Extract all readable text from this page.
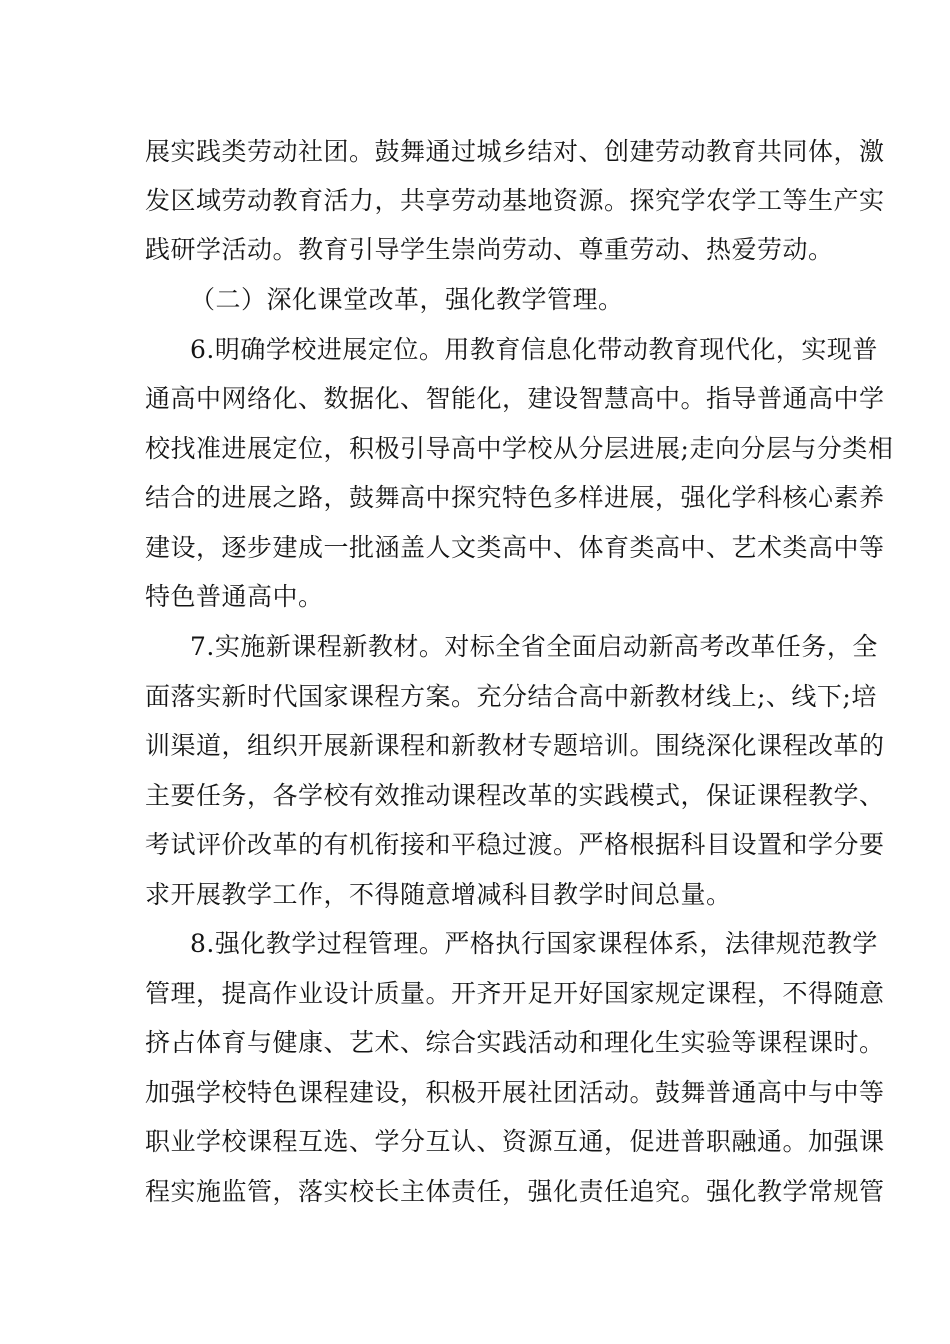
展实践类劳动社团。鼓舞通过城乡结对、创建劳动教育共同体，激
发区域劳动教育活力，共享劳动基地资源。探究学农学工等生产实
践研学活动。教育引导学生崇尚劳动、尊重劳动、热爱劳动。
（二）深化课堂改革，强化教学管理。
6.明确学校进展定位。用教育信息化带动教育现代化，实现普
通高中网络化、数据化、智能化，建设智慧高中。指导普通高中学
校找准进展定位，积极引导高中学校从分层进展;走向分层与分类相
结合的进展之路，鼓舞高中探究特色多样进展，强化学科核心素养
建设，逐步建成一批涵盖人文类高中、体育类高中、艺术类高中等
特色普通高中。
7.实施新课程新教材。对标全省全面启动新高考改革任务，全
面落实新时代国家课程方案。充分结合高中新教材线上;、线下;培
训渠道，组织开展新课程和新教材专题培训。围绕深化课程改革的
主要任务，各学校有效推动课程改革的实践模式，保证课程教学、
考试评价改革的有机衔接和平稳过渡。严格根据科目设置和学分要
求开展教学工作，不得随意增减科目教学时间总量。
8.强化教学过程管理。严格执行国家课程体系，法律规范教学
管理，提高作业设计质量。开齐开足开好国家规定课程，不得随意
挤占体育与健康、艺术、综合实践活动和理化生实验等课程课时。
加强学校特色课程建设，积极开展社团活动。鼓舞普通高中与中等
职业学校课程互选、学分互认、资源互通，促进普职融通。加强课
程实施监管，落实校长主体责任，强化责任追究。强化教学常规管
